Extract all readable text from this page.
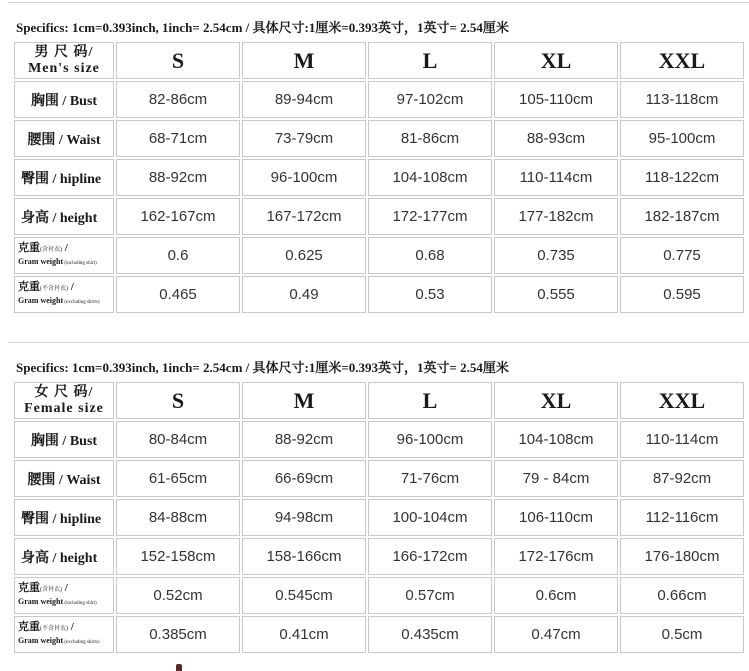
Specifics: 1cm=0.393inch, 1inch= 2.54cm / 具体尺寸:1厘米=0.393英寸，1英寸= 2.54厘米
男 尺 码/
Men's size	S	M	L	XL	XXL
胸围 / Bust	82-86cm	89-94cm	97-102cm	105-110cm	113-118cm
腰围 / Waist	68-71cm	73-79cm	81-86cm	88-93cm	95-100cm
臀围 / hipline	88-92cm	96-100cm	104-108cm	110-114cm	118-122cm
身高 / height	162-167cm	167-172cm	172-177cm	177-182cm	182-187cm

克重(含衬衣) /
Gram weight (including shirt)	0.6	0.625	0.68	0.735	0.775

克重(不含衬衣) /
Gram weight (excluding shirts)	0.465	0.49	0.53	0.555	0.595
Specifics: 1cm=0.393inch, 1inch= 2.54cm / 具体尺寸:1厘米=0.393英寸，1英寸= 2.54厘米
女 尺 码/
Female size	S	M	L	XL	XXL
胸围 / Bust	80-84cm	88-92cm	96-100cm	104-108cm	110-114cm
腰围 / Waist	61-65cm	66-69cm	71-76cm	79 - 84cm	87-92cm
臀围 / hipline	84-88cm	94-98cm	100-104cm	106-110cm	112-116cm
身高 / height	152-158cm	158-166cm	166-172cm	172-176cm	176-180cm

克重(含衬衣) /
Gram weight (including shirt)	0.52cm	0.545cm	0.57cm	0.6cm	0.66cm

克重(不含衬衣) /
Gram weight (excluding shirts)	0.385cm	0.41cm	0.435cm	0.47cm	0.5cm
